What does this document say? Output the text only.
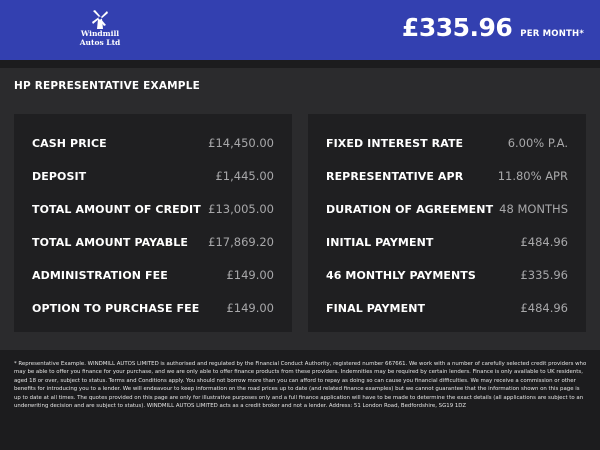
Windmill
Autos Ltd
£335.96 PER MONTH*
HP REPRESENTATIVE EXAMPLE
CASH PRICE	£14,450.00
DEPOSIT	£1,445.00
TOTAL AMOUNT OF CREDIT £13,005.00
TOTAL AMOUNT PAYABLE £17,869.20
ADMINISTRATION FEE	£149.00
OPTION TO PURCHASE FEE £149.00
FIXED INTEREST RATE	6.00% P.A.
REPRESENTATIVE APR	11.80% APR
DURATION OF AGREEMENT 48 MONTHS
INITIAL PAYMENT	£484.96
46 MONTHLY PAYMENTS	£335.96
FINAL PAYMENT	£484.96
* Representative Example. WINDMILL AUTOS LIMITED is authorised and regulated by the Financial Conduct Authority, registered number 667661. We work with a number of carefully selected credit providers who may be able to offer you finance for your purchase, and we are only able to offer finance products from these providers. Indemnities may be required by certain lenders. Finance is only available to UK residents, aged 18 or over, subject to status. Terms and Conditions apply. You should not borrow more than you can afford to repay as doing so can cause you financial difficulties. We may receive a commission or other benefits for introducing you to a lender. We will endeavour to keep information on the road prices up to date (and related finance examples) but we cannot guarantee that the information shown on this page is up to date at all times. The quotes provided on this page are only for illustrative purposes only and a full finance application will have to be made to determine the exact details (all applications are subject to an underwriting decision and are subject to status). WINDMILL AUTOS LIMITED acts as a credit broker and not a lender. Address: 51 London Road, Bedfordshire, SG19 1DZ
